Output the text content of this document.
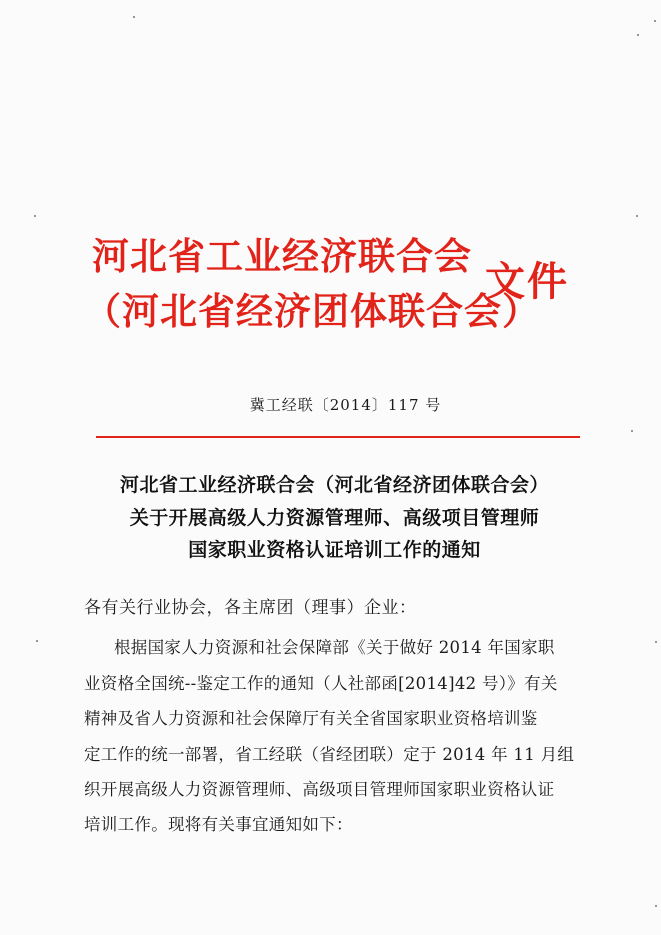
河北省工业经济联合会
（河北省经济团体联合会）
文件
冀工经联〔2014〕117 号
河北省工业经济联合会（河北省经济团体联合会）
关于开展高级人力资源管理师、高级项目管理师
国家职业资格认证培训工作的通知
各有关行业协会，各主席团（理事）企业：
根据国家人力资源和社会保障部《关于做好 2014 年国家职
业资格全国统--鉴定工作的通知（人社部函[2014]42 号）》有关
精神及省人力资源和社会保障厅有关全省国家职业资格培训鉴
定工作的统一部署，省工经联（省经团联）定于 2014 年 11 月组
织开展高级人力资源管理师、高级项目管理师国家职业资格认证
培训工作。现将有关事宜通知如下：
